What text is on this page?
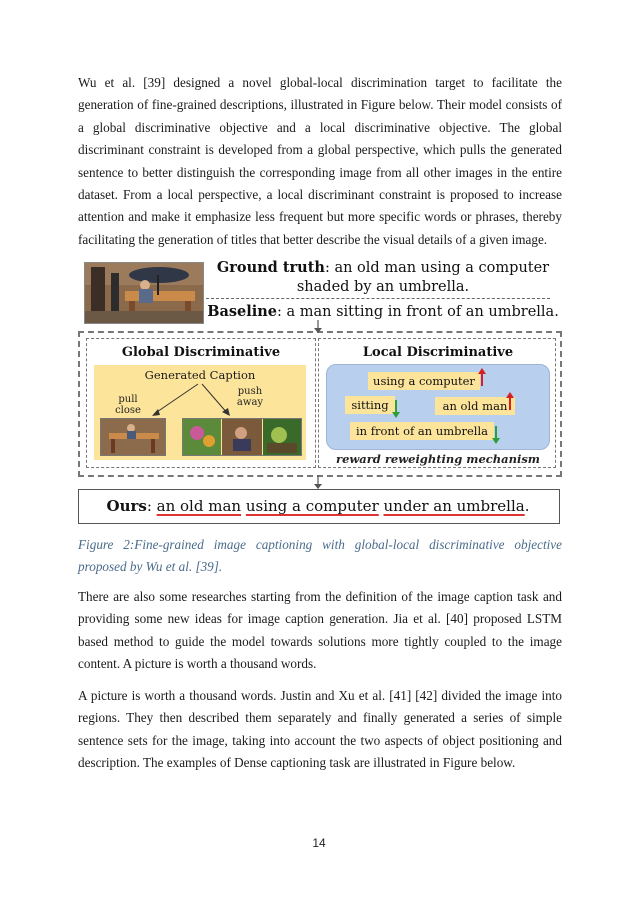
Wu et al. [39] designed a novel global-local discrimination target to facilitate the generation of fine-grained descriptions, illustrated in Figure below. Their model consists of a global discriminative objective and a local discriminative objective. The global discriminant constraint is developed from a global perspective, which pulls the generated sentence to better distinguish the corresponding image from all other images in the entire dataset. From a local perspective, a local discriminant constraint is proposed to increase attention and make it emphasize less frequent but more specific words or phrases, thereby facilitating the generation of titles that better describe the visual details of a given image.

Ground truth: an old man using a computer shaded by an umbrella.
Baseline: a man sitting in front of an umbrella.
Global Discriminative	Local Discriminative
Generated Caption
pull close
push away
using a computer
sitting	an old man
in front of an umbrella
reward reweighting mechanism
Ours: an old man using a computer under an umbrella.

Figure 2:Fine-grained image captioning with global-local discriminative objective proposed by Wu et al. [39].

There are also some researches starting from the definition of the image caption task and providing some new ideas for image caption generation. Jia et al. [40] proposed LSTM based method to guide the model towards solutions more tightly coupled to the image content. A picture is worth a thousand words.

A picture is worth a thousand words. Justin and Xu et al. [41] [42] divided the image into regions. They then described them separately and finally generated a series of simple sentence sets for the image, taking into account the two aspects of object positioning and description. The examples of Dense captioning task are illustrated in Figure below.

14
